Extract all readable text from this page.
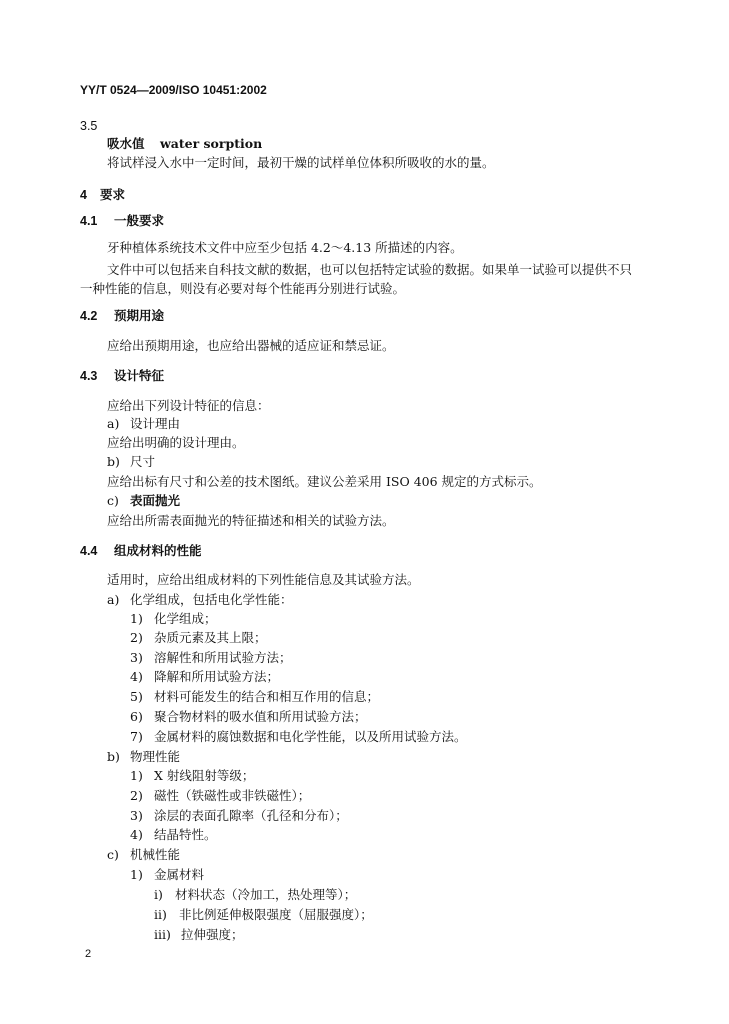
YY/T 0524—2009/ISO 10451:2002
3.5
吸水值 water sorption
将试样浸入水中一定时间，最初干燥的试样单位体积所吸收的水的量。
4 要求
4.1 一般要求
牙种植体系统技术文件中应至少包括 4.2～4.13 所描述的内容。
文件中可以包括来自科技文献的数据，也可以包括特定试验的数据。如果单一试验可以提供不只
一种性能的信息，则没有必要对每个性能再分别进行试验。
4.2 预期用途
应给出预期用途，也应给出器械的适应证和禁忌证。
4.3 设计特征
应给出下列设计特征的信息：
a) 设计理由
应给出明确的设计理由。
b) 尺寸
应给出标有尺寸和公差的技术图纸。建议公差采用 ISO 406 规定的方式标示。
c) 表面抛光
应给出所需表面抛光的特征描述和相关的试验方法。
4.4 组成材料的性能
适用时，应给出组成材料的下列性能信息及其试验方法。
a) 化学组成，包括电化学性能：
1) 化学组成；
2) 杂质元素及其上限；
3) 溶解性和所用试验方法；
4) 降解和所用试验方法；
5) 材料可能发生的结合和相互作用的信息；
6) 聚合物材料的吸水值和所用试验方法；
7) 金属材料的腐蚀数据和电化学性能，以及所用试验方法。
b) 物理性能
1) X 射线阻射等级；
2) 磁性（铁磁性或非铁磁性）；
3) 涂层的表面孔隙率（孔径和分布）；
4) 结晶特性。
c) 机械性能
1) 金属材料
i) 材料状态（冷加工，热处理等）；
ii) 非比例延伸极限强度（屈服强度）；
iii) 拉伸强度；
2
